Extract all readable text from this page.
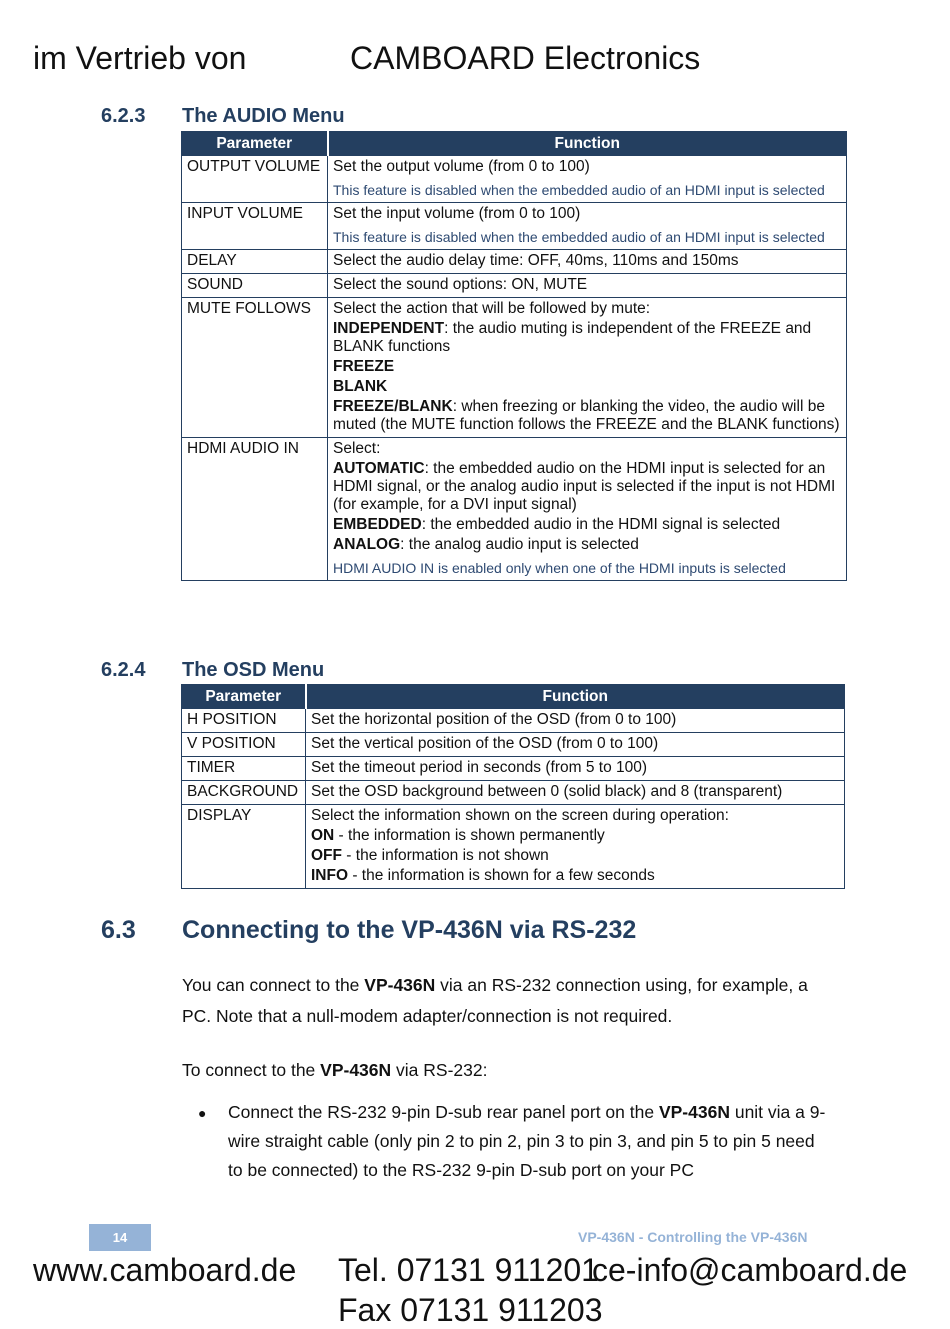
im Vertrieb von	CAMBOARD Electronics
6.2.3 The AUDIO Menu
Parameter	Function
OUTPUT VOLUME	Set the output volume (from 0 to 100)
This feature is disabled when the embedded audio of an HDMI input is selected

INPUT VOLUME	Set the input volume (from 0 to 100)
This feature is disabled when the embedded audio of an HDMI input is selected

DELAY	Select the audio delay time: OFF, 40ms, 110ms and 150ms
SOUND	Select the sound options: ON, MUTE
MUTE FOLLOWS	Select the action that will be followed by mute:
INDEPENDENT: the audio muting is independent of the FREEZE and BLANK functions
FREEZE
BLANK
FREEZE/BLANK: when freezing or blanking the video, the audio will be muted (the MUTE function follows the FREEZE and the BLANK functions)

HDMI AUDIO IN	Select:
AUTOMATIC: the embedded audio on the HDMI input is selected for an HDMI signal, or the analog audio input is selected if the input is not HDMI (for example, for a DVI input signal)
EMBEDDED: the embedded audio in the HDMI signal is selected
ANALOG: the analog audio input is selected
HDMI AUDIO IN is enabled only when one of the HDMI inputs is selected
6.2.4 The OSD Menu
Parameter	Function
H POSITION	Set the horizontal position of the OSD (from 0 to 100)
V POSITION	Set the vertical position of the OSD (from 0 to 100)
TIMER	Set the timeout period in seconds (from 5 to 100)
BACKGROUND	Set the OSD background between 0 (solid black) and 8 (transparent)
DISPLAY	Select the information shown on the screen during operation:
ON - the information is shown permanently
OFF - the information is not shown
INFO - the information is shown for a few seconds
6.3 Connecting to the VP-436N via RS-232
You can connect to the VP-436N via an RS-232 connection using, for example, a PC. Note that a null-modem adapter/connection is not required.
To connect to the VP-436N via RS-232:
● Connect the RS-232 9-pin D-sub rear panel port on the VP-436N unit via a 9-wire straight cable (only pin 2 to pin 2, pin 3 to pin 3, and pin 5 to pin 5 need to be connected) to the RS-232 9-pin D-sub port on your PC
14	VP-436N - Controlling the VP-436N
www.camboard.de Tel. 07131 911201
ce-info@camboard.de
Fax 07131 911203
